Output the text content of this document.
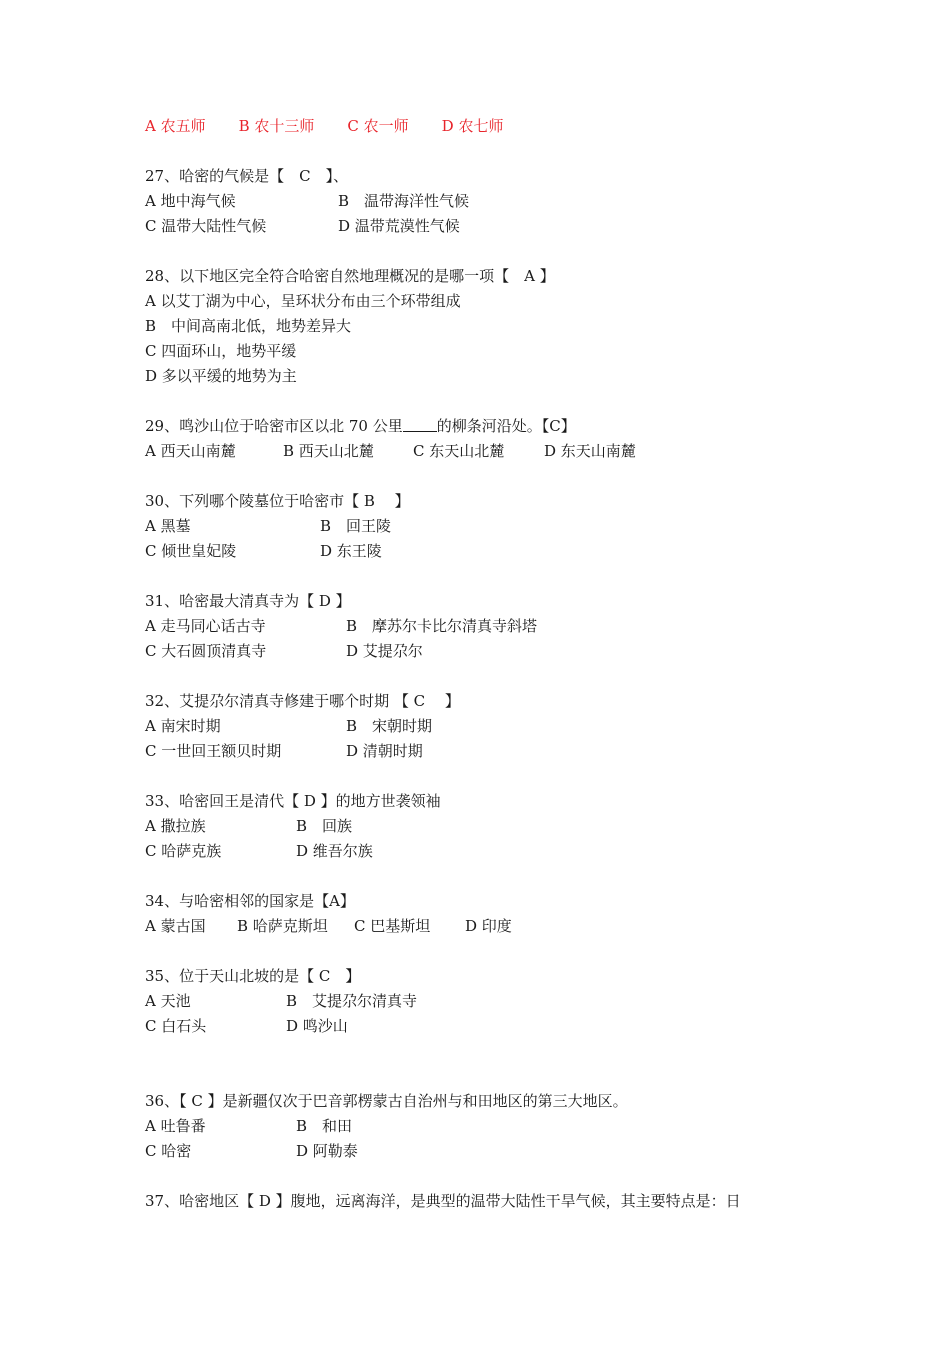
A 农五师 B 农十三师 C 农一师 D 农七师
27、哈密的气候是【　C　】、
A 地中海气候	B　温带海洋性气候
C 温带大陆性气候	D 温带荒漠性气候
28、以下地区完全符合哈密自然地理概况的是哪一项【　A 】
A 以艾丁湖为中心，呈环状分布由三个环带组成
B　中间高南北低，地势差异大
C 四面环山，地势平缓
D 多以平缓的地势为主
29、鸣沙山位于哈密市区以北 70 公里 的柳条河沿处。【C】
A 西天山南麓	B 西天山北麓	C 东天山北麓	D 东天山南麓
30、下列哪个陵墓位于哈密市【 B　 】
A 黑墓	B　回王陵
C 倾世皇妃陵	D 东王陵
31、哈密最大清真寺为【 D 】
A 走马同心话古寺	B　摩苏尔卡比尔清真寺斜塔
C 大石圆顶清真寺	D 艾提尕尔
32、艾提尕尔清真寺修建于哪个时期 【 C　 】
A 南宋时期	B　宋朝时期
C 一世回王额贝时期	D 清朝时期
33、哈密回王是清代【 D 】的地方世袭领袖
A 撒拉族	B　回族
C 哈萨克族	D 维吾尔族
34、与哈密相邻的国家是【A】
A 蒙古国	B 哈萨克斯坦	C 巴基斯坦	D 印度
35、位于天山北坡的是【 C　】
A 天池	B　艾提尕尔清真寺
C 白石头	D 鸣沙山
36、【 C 】是新疆仅次于巴音郭楞蒙古自治州与和田地区的第三大地区。
A 吐鲁番	B　和田
C 哈密	D 阿勒泰
37、哈密地区【 D 】腹地，远离海洋，是典型的温带大陆性干旱气候，其主要特点是：日
